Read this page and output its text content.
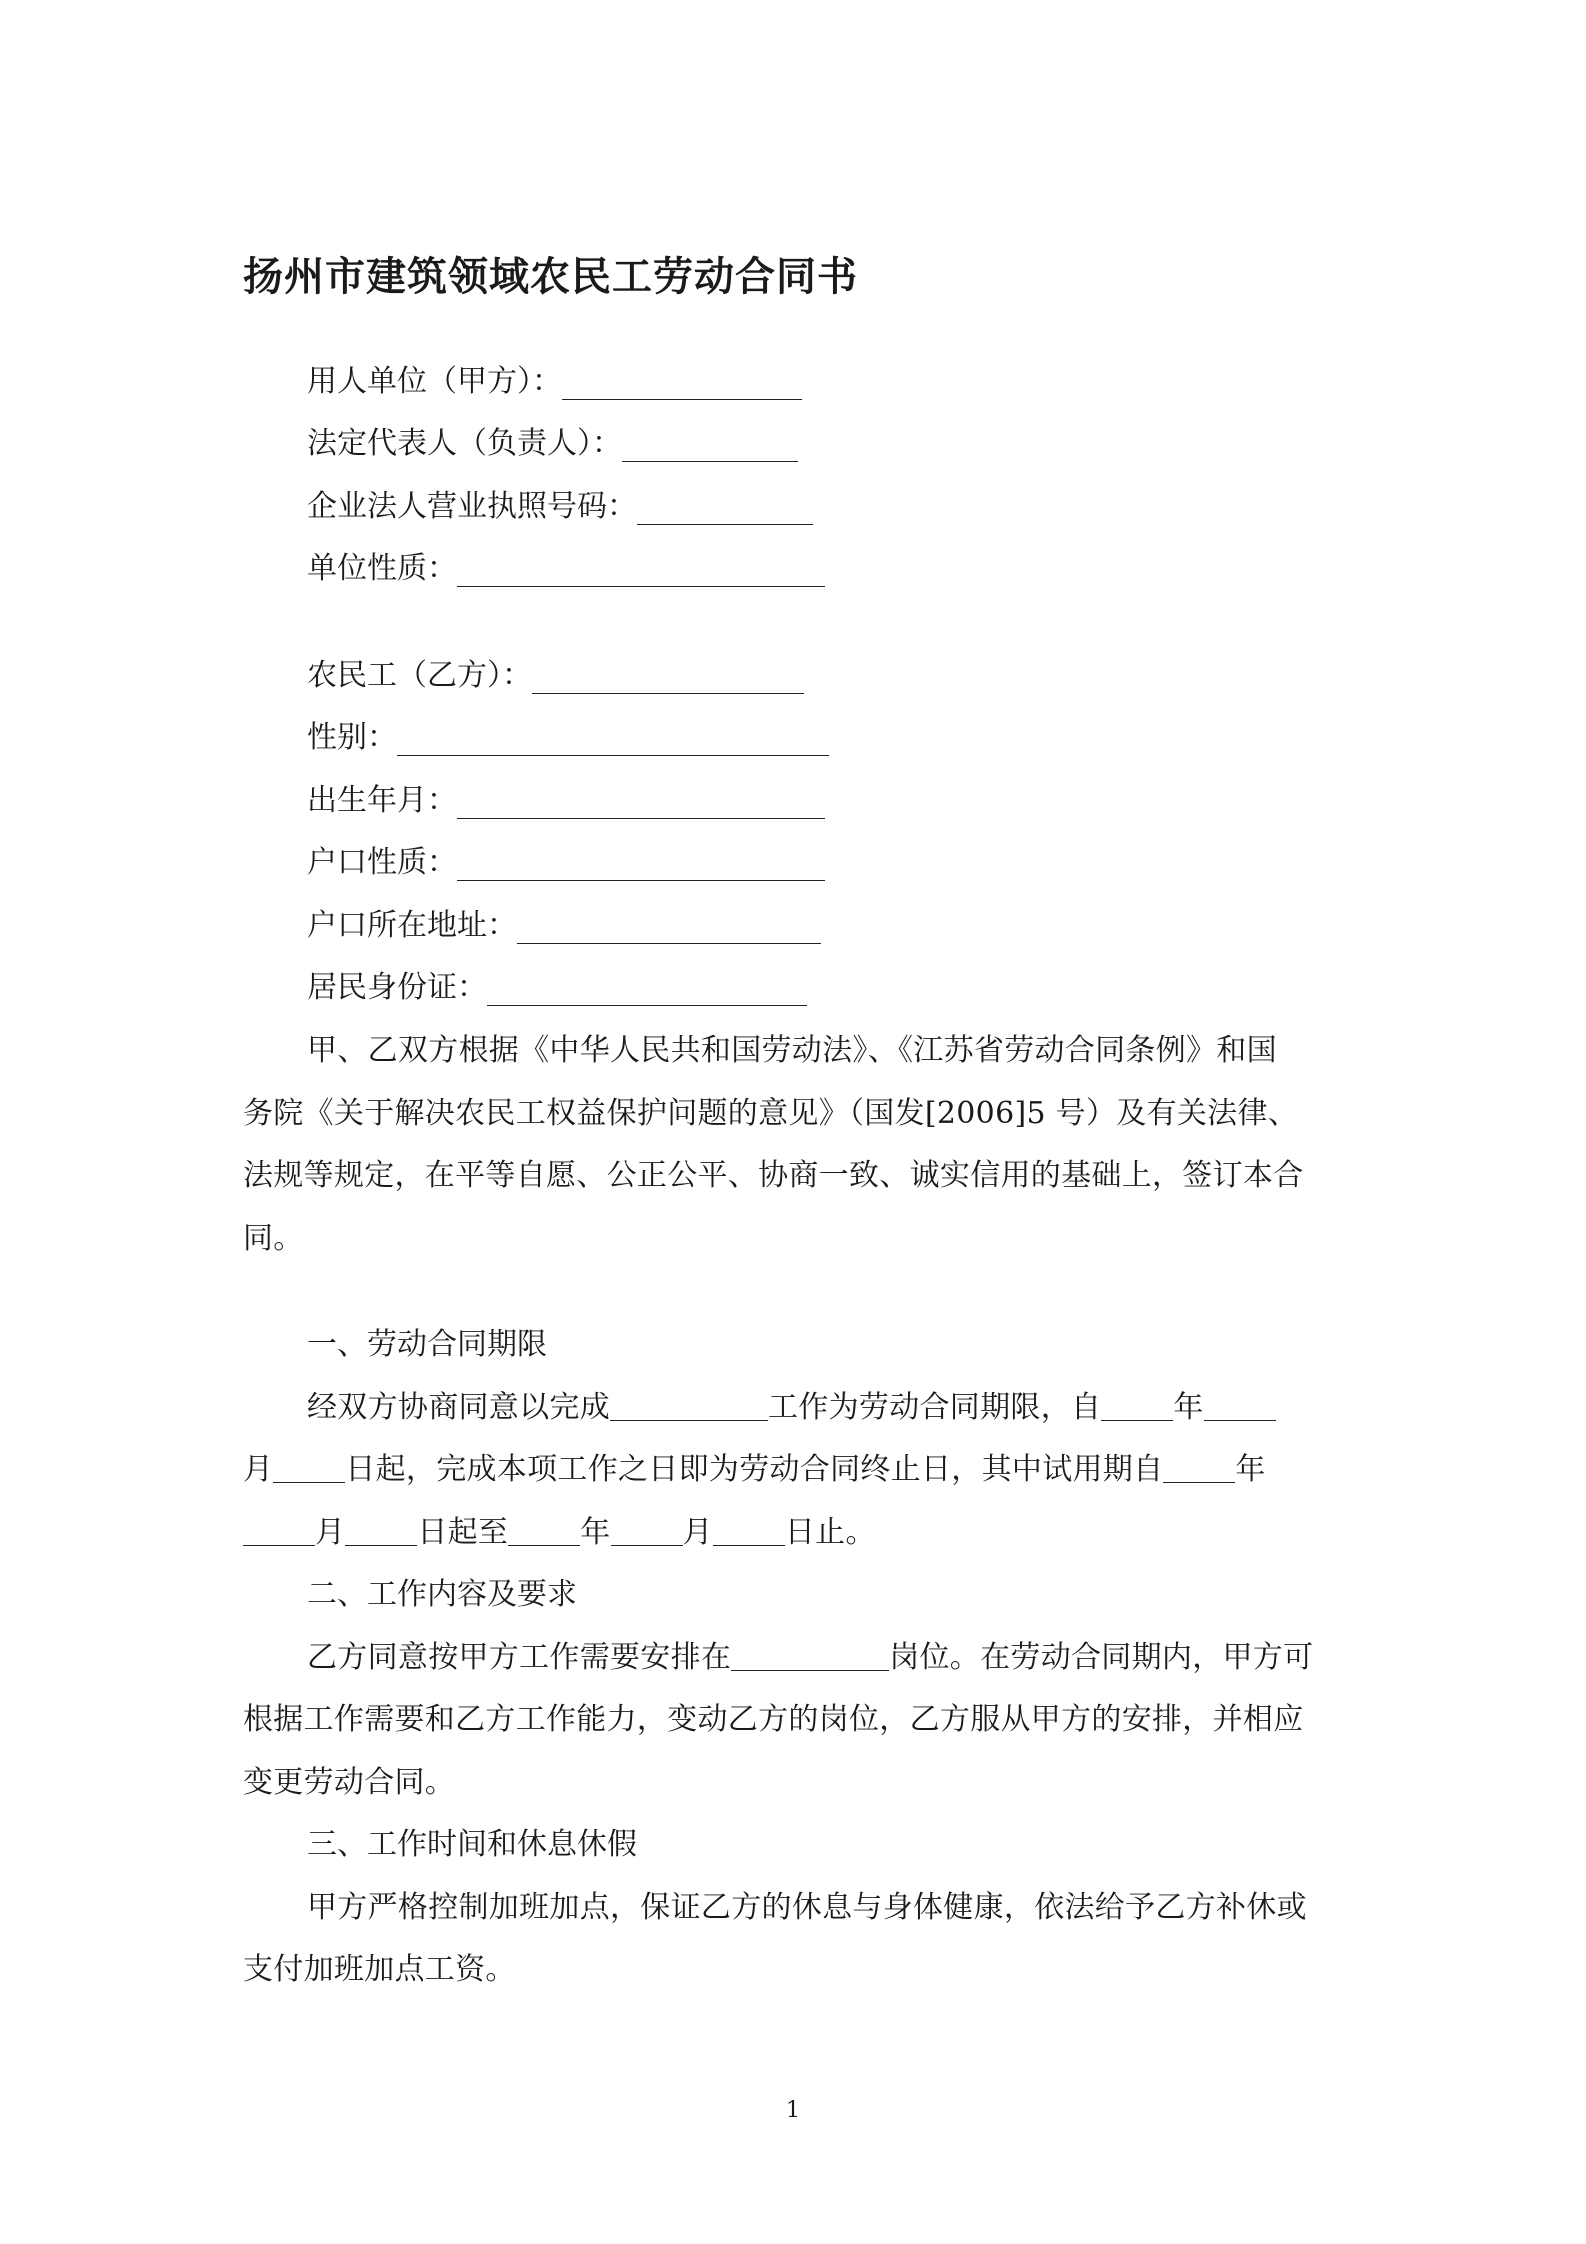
扬州市建筑领域农民工劳动合同书
用人单位（甲方）：
法定代表人（负责人）：
企业法人营业执照号码：
单位性质：
农民工（乙方）：
性别：
出生年月：
户口性质：
户口所在地址：
居民身份证：
甲、乙双方根据《中华人民共和国劳动法》、《江苏省劳动合同条例》和国
务院《关于解决农民工权益保护问题的意见》（国发[2006]5 号）及有关法律、
法规等规定，在平等自愿、公正公平、协商一致、诚实信用的基础上，签订本合
同。
一、劳动合同期限
经双方协商同意以完成	工作为劳动合同期限，自 年
月 日起，完成本项工作之日即为劳动合同终止日，其中试用期自 年
月 日起至 年 月 日止。
二、工作内容及要求
乙方同意按甲方工作需要安排在	岗位。在劳动合同期内，甲方可
根据工作需要和乙方工作能力，变动乙方的岗位，乙方服从甲方的安排，并相应
变更劳动合同。
三、工作时间和休息休假
甲方严格控制加班加点，保证乙方的休息与身体健康，依法给予乙方补休或
支付加班加点工资。
1
